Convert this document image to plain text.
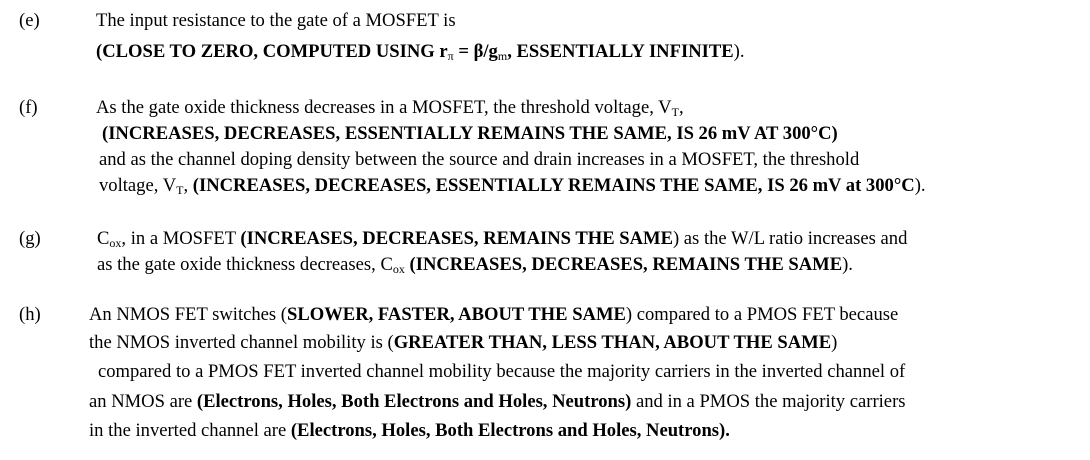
(e)	The input resistance to the gate of a MOSFET is
(CLOSE TO ZERO, COMPUTED USING $r_\pi = \beta/g_m$, ESSENTIALLY INFINITE).
(f)	As the gate oxide thickness decreases in a MOSFET, the threshold voltage, $V_T$,
(INCREASES, DECREASES, ESSENTIALLY REMAINS THE SAME, IS 26 mV AT 300°C)
and as the channel doping density between the source and drain increases in a MOSFET, the threshold
voltage, $V_T$, (INCREASES, DECREASES, ESSENTIALLY REMAINS THE SAME, IS 26 mV at 300°C).
(g)	$C_{ox}$, in a MOSFET (INCREASES, DECREASES, REMAINS THE SAME) as the W/L ratio increases and
as the gate oxide thickness decreases, $C_{ox}$ (INCREASES, DECREASES, REMAINS THE SAME).
(h)	An NMOS FET switches (SLOWER, FASTER, ABOUT THE SAME) compared to a PMOS FET because
the NMOS inverted channel mobility is (GREATER THAN, LESS THAN, ABOUT THE SAME)
compared to a PMOS FET inverted channel mobility because the majority carriers in the inverted channel of
an NMOS are (Electrons, Holes, Both Electrons and Holes, Neutrons) and in a PMOS the majority carriers
in the inverted channel are (Electrons, Holes, Both Electrons and Holes, Neutrons).
